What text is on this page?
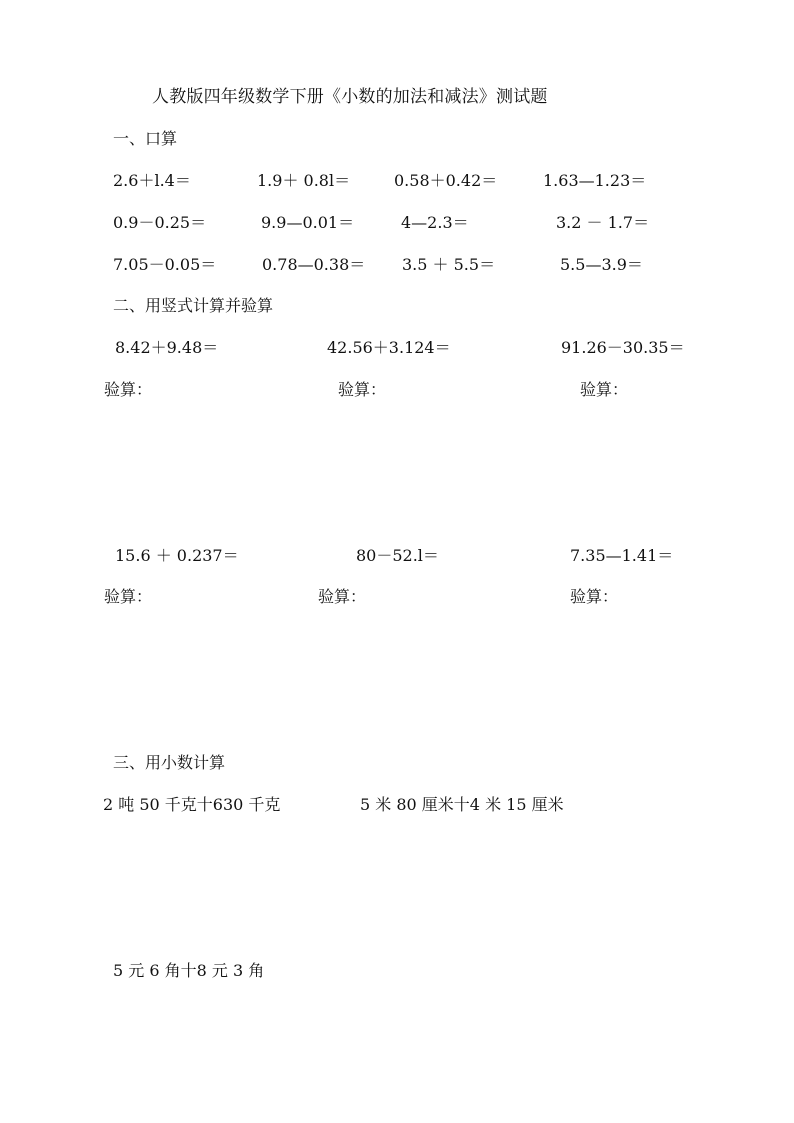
人教版四年级数学下册《小数的加法和减法》测试题
一、口算
2.6＋l.4＝	1.9＋ 0.8l＝	0.58＋0.42＝	1.63—1.23＝
0.9－0.25＝	9.9—0.01＝	4—2.3＝	3.2 － 1.7＝
7.05－0.05＝	0.78—0.38＝ 3.5 ＋ 5.5＝	5.5—3.9＝
二、用竖式计算并验算
8.42＋9.48＝	42.56＋3.124＝	91.26－30.35＝
验算：	验算：	验算：
15.6 ＋ 0.237＝	80－52.l＝	7.35—1.41＝
验算：	验算：	验算：
三、用小数计算
2 吨 50 千克十630 千克	5 米 80 厘米十4 米 15 厘米
5 元 6 角十8 元 3 角
